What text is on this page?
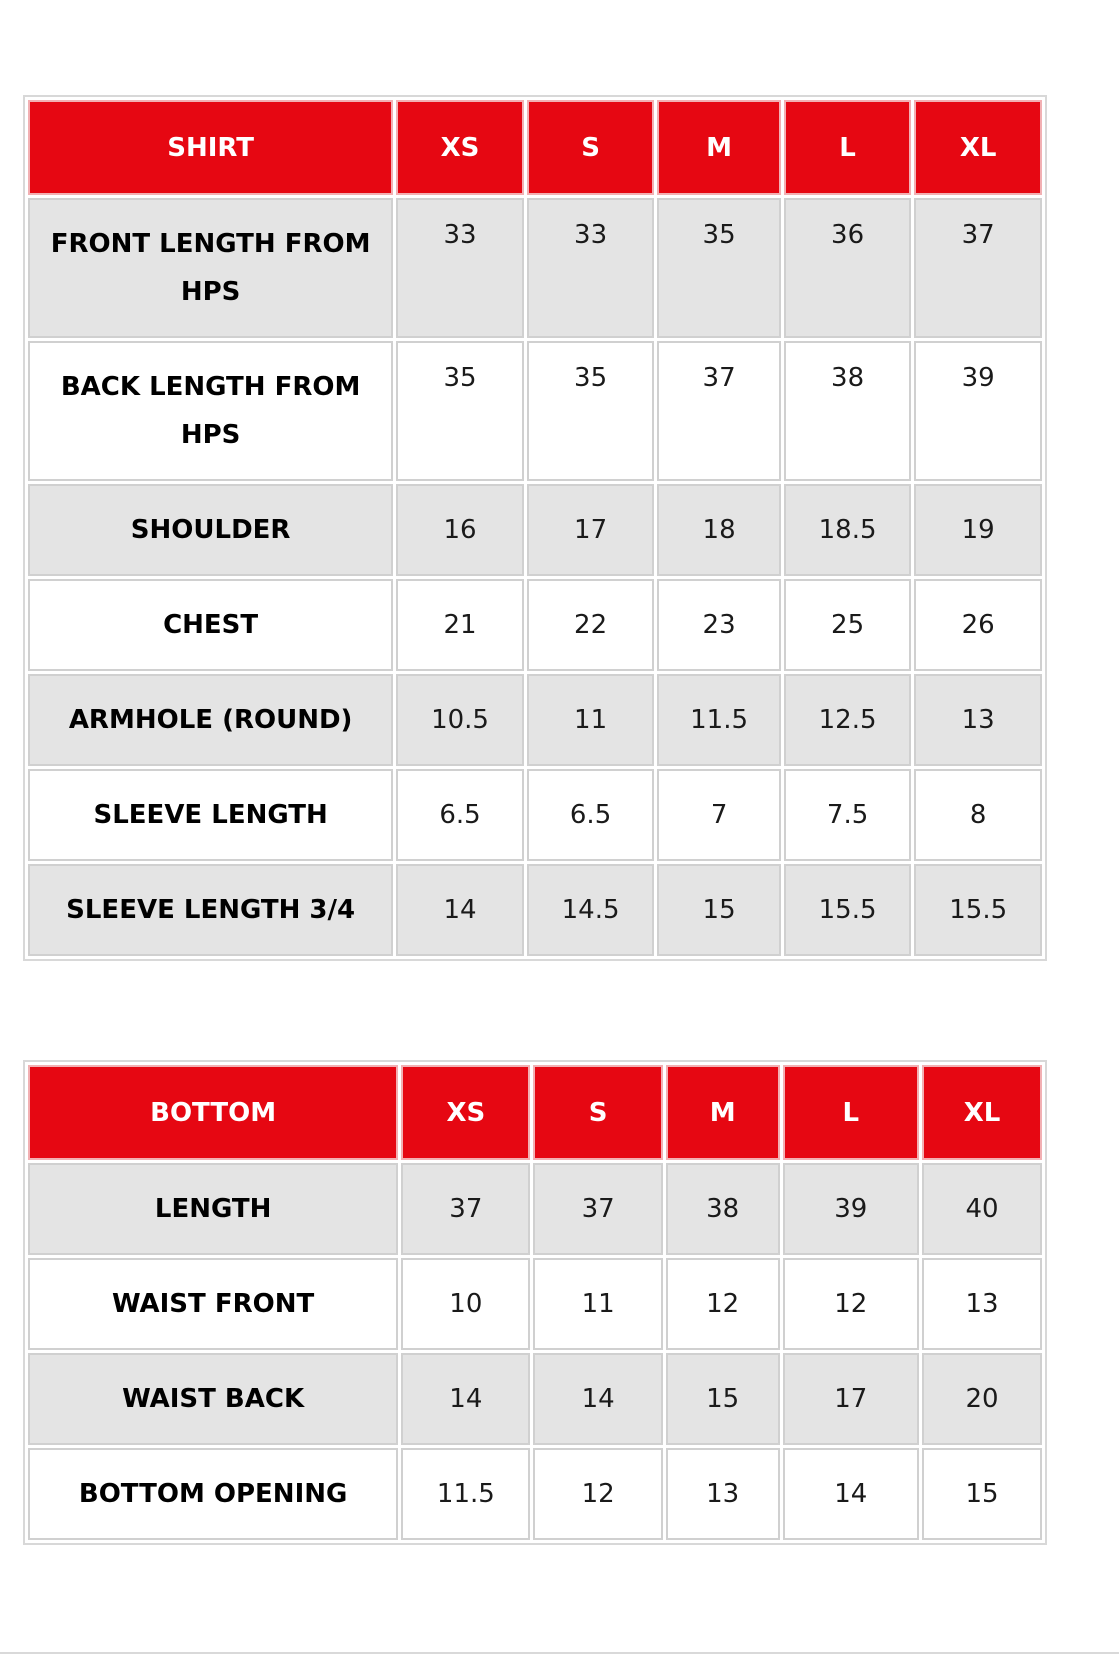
SHIRT	XS	S	M	L	XL
FRONT LENGTH FROM HPS	33	33	35	36	37
BACK LENGTH FROM HPS	35	35	37	38	39
SHOULDER	16	17	18	18.5	19
CHEST	21	22	23	25	26
ARMHOLE (ROUND)	10.5	11	11.5	12.5	13
SLEEVE LENGTH	6.5	6.5	7	7.5	8
SLEEVE LENGTH 3/4	14	14.5	15	15.5	15.5
BOTTOM	XS	S	M	L	XL
LENGTH	37	37	38	39	40
WAIST FRONT	10	11	12	12	13
WAIST BACK	14	14	15	17	20
BOTTOM OPENING	11.5	12	13	14	15
